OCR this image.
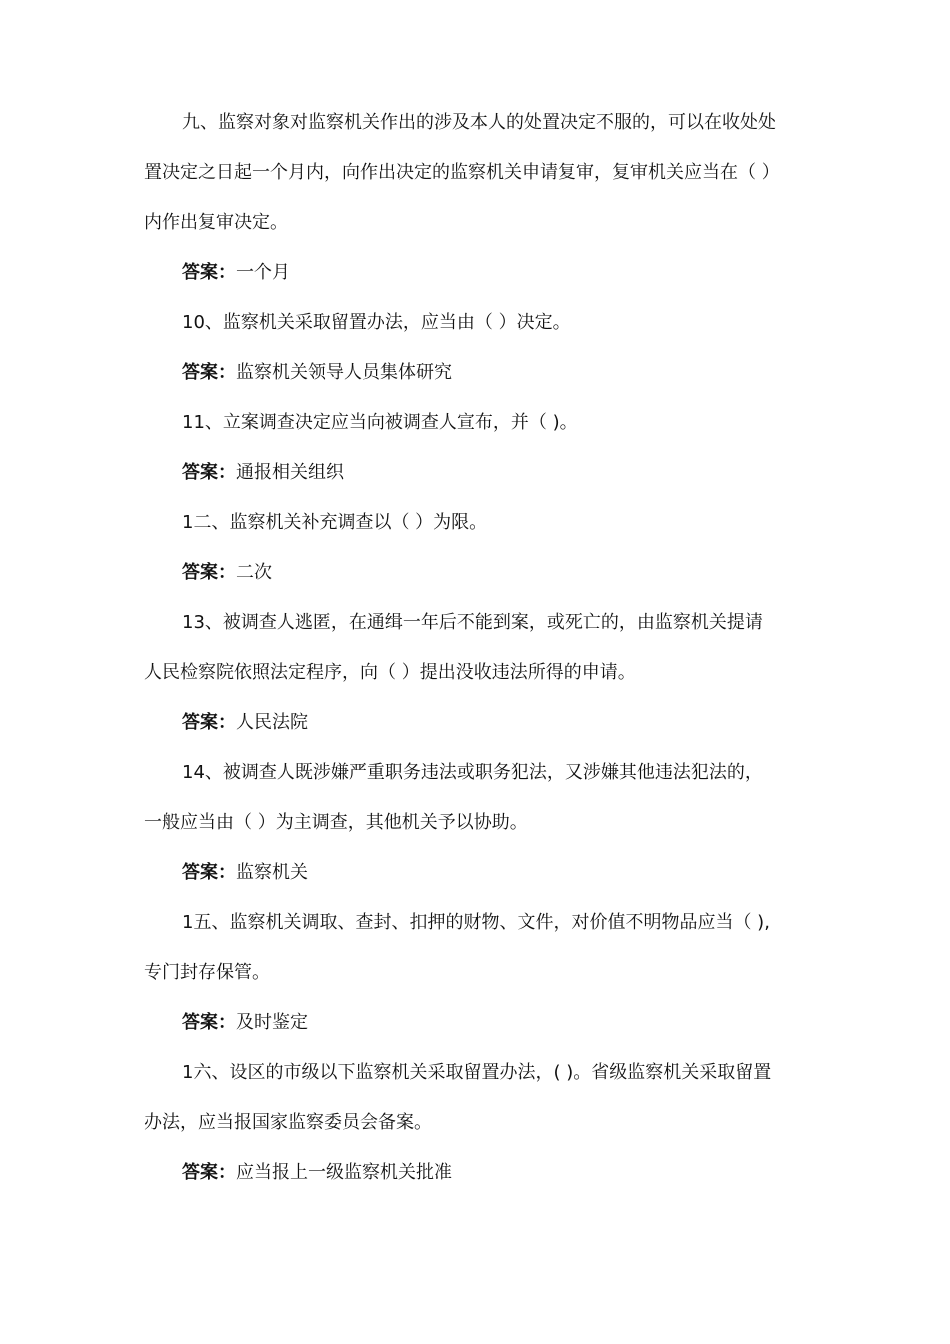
九、监察对象对监察机关作出的涉及本人的处置决定不服的，可以在收处处
置决定之日起一个月内，向作出决定的监察机关申请复审，复审机关应当在（ ）
内作出复审决定。
答案：一个月
10、监察机关采取留置办法，应当由（ ）决定。
答案：监察机关领导人员集体研究
11、立案调查决定应当向被调查人宣布，并（ )。
答案：通报相关组织
1二、监察机关补充调查以（ ）为限。
答案：二次
13、被调查人逃匿，在通缉一年后不能到案，或死亡的，由监察机关提请
人民检察院依照法定程序，向（ ）提出没收违法所得的申请。
答案：人民法院
14、被调查人既涉嫌严重职务违法或职务犯法，又涉嫌其他违法犯法的，
一般应当由（ ）为主调查，其他机关予以协助。
答案：监察机关
1五、监察机关调取、查封、扣押的财物、文件，对价值不明物品应当（ ),
专门封存保管。
答案：及时鉴定
1六、设区的市级以下监察机关采取留置办法，( )。省级监察机关采取留置
办法，应当报国家监察委员会备案。
答案：应当报上一级监察机关批准
